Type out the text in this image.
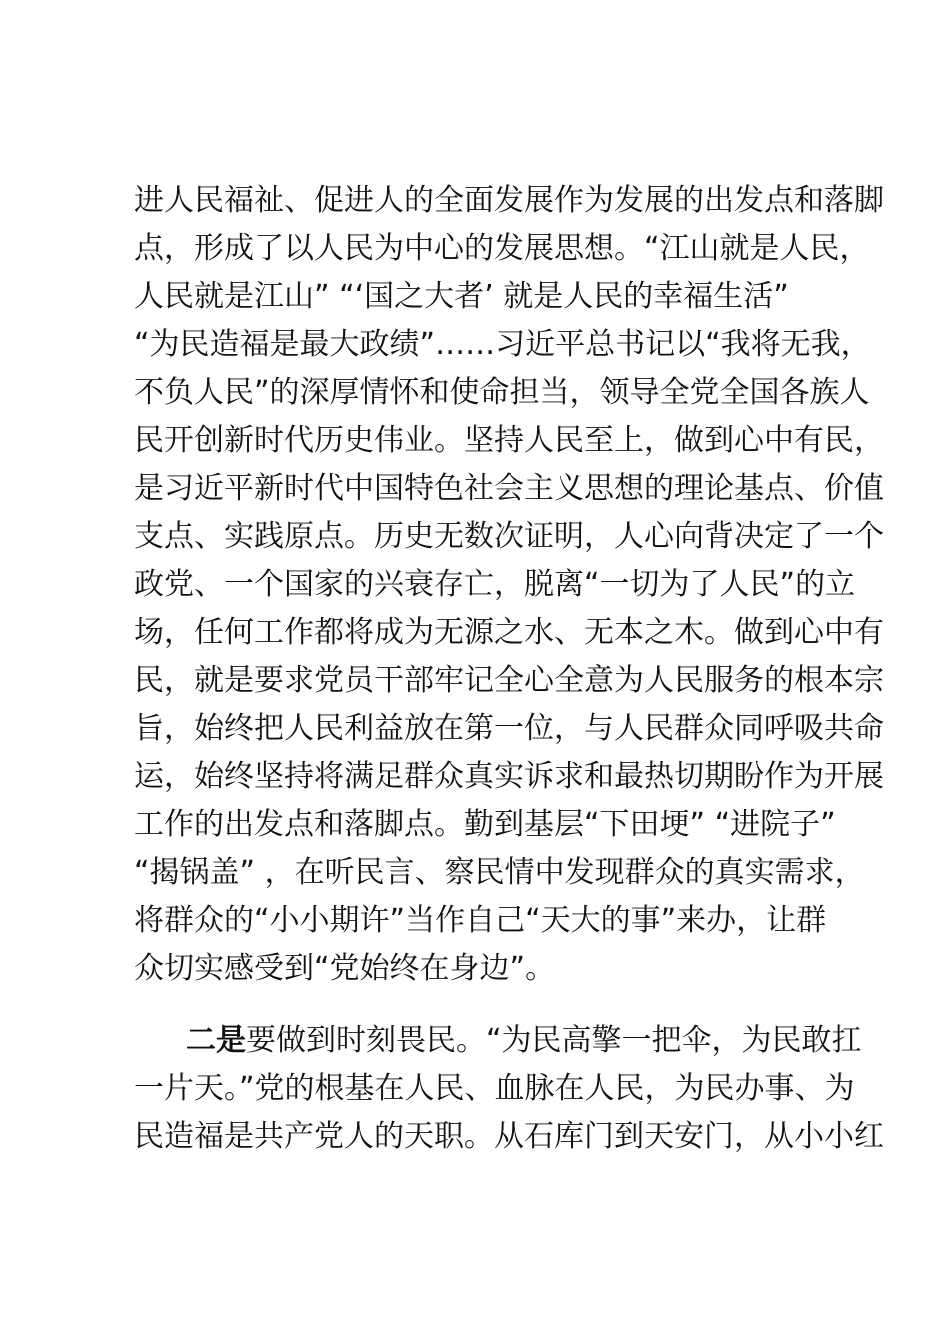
进人民福祉、促进人的全面发展作为发展的出发点和落脚
点，形成了以人民为中心的发展思想。“江山就是人民，
人民就是江山” “‘国之大者’ 就是人民的幸福生活”
“为民造福是最大政绩”……习近平总书记以“我将无我，
不负人民”的深厚情怀和使命担当，领导全党全国各族人
民开创新时代历史伟业。坚持人民至上，做到心中有民，
是习近平新时代中国特色社会主义思想的理论基点、价值
支点、实践原点。历史无数次证明，人心向背决定了一个
政党、一个国家的兴衰存亡，脱离“一切为了人民”的立
场，任何工作都将成为无源之水、无本之木。做到心中有
民，就是要求党员干部牢记全心全意为人民服务的根本宗
旨，始终把人民利益放在第一位，与人民群众同呼吸共命
运，始终坚持将满足群众真实诉求和最热切期盼作为开展
工作的出发点和落脚点。勤到基层“下田埂” “进院子”
“揭锅盖” ，在听民言、察民情中发现群众的真实需求，
将群众的“小小期许”当作自己“天大的事”来办，让群
众切实感受到“党始终在身边”。
二是要做到时刻畏民。“为民高擎一把伞，为民敢扛
一片天。”党的根基在人民、血脉在人民，为民办事、为
民造福是共产党人的天职。从石库门到天安门，从小小红
